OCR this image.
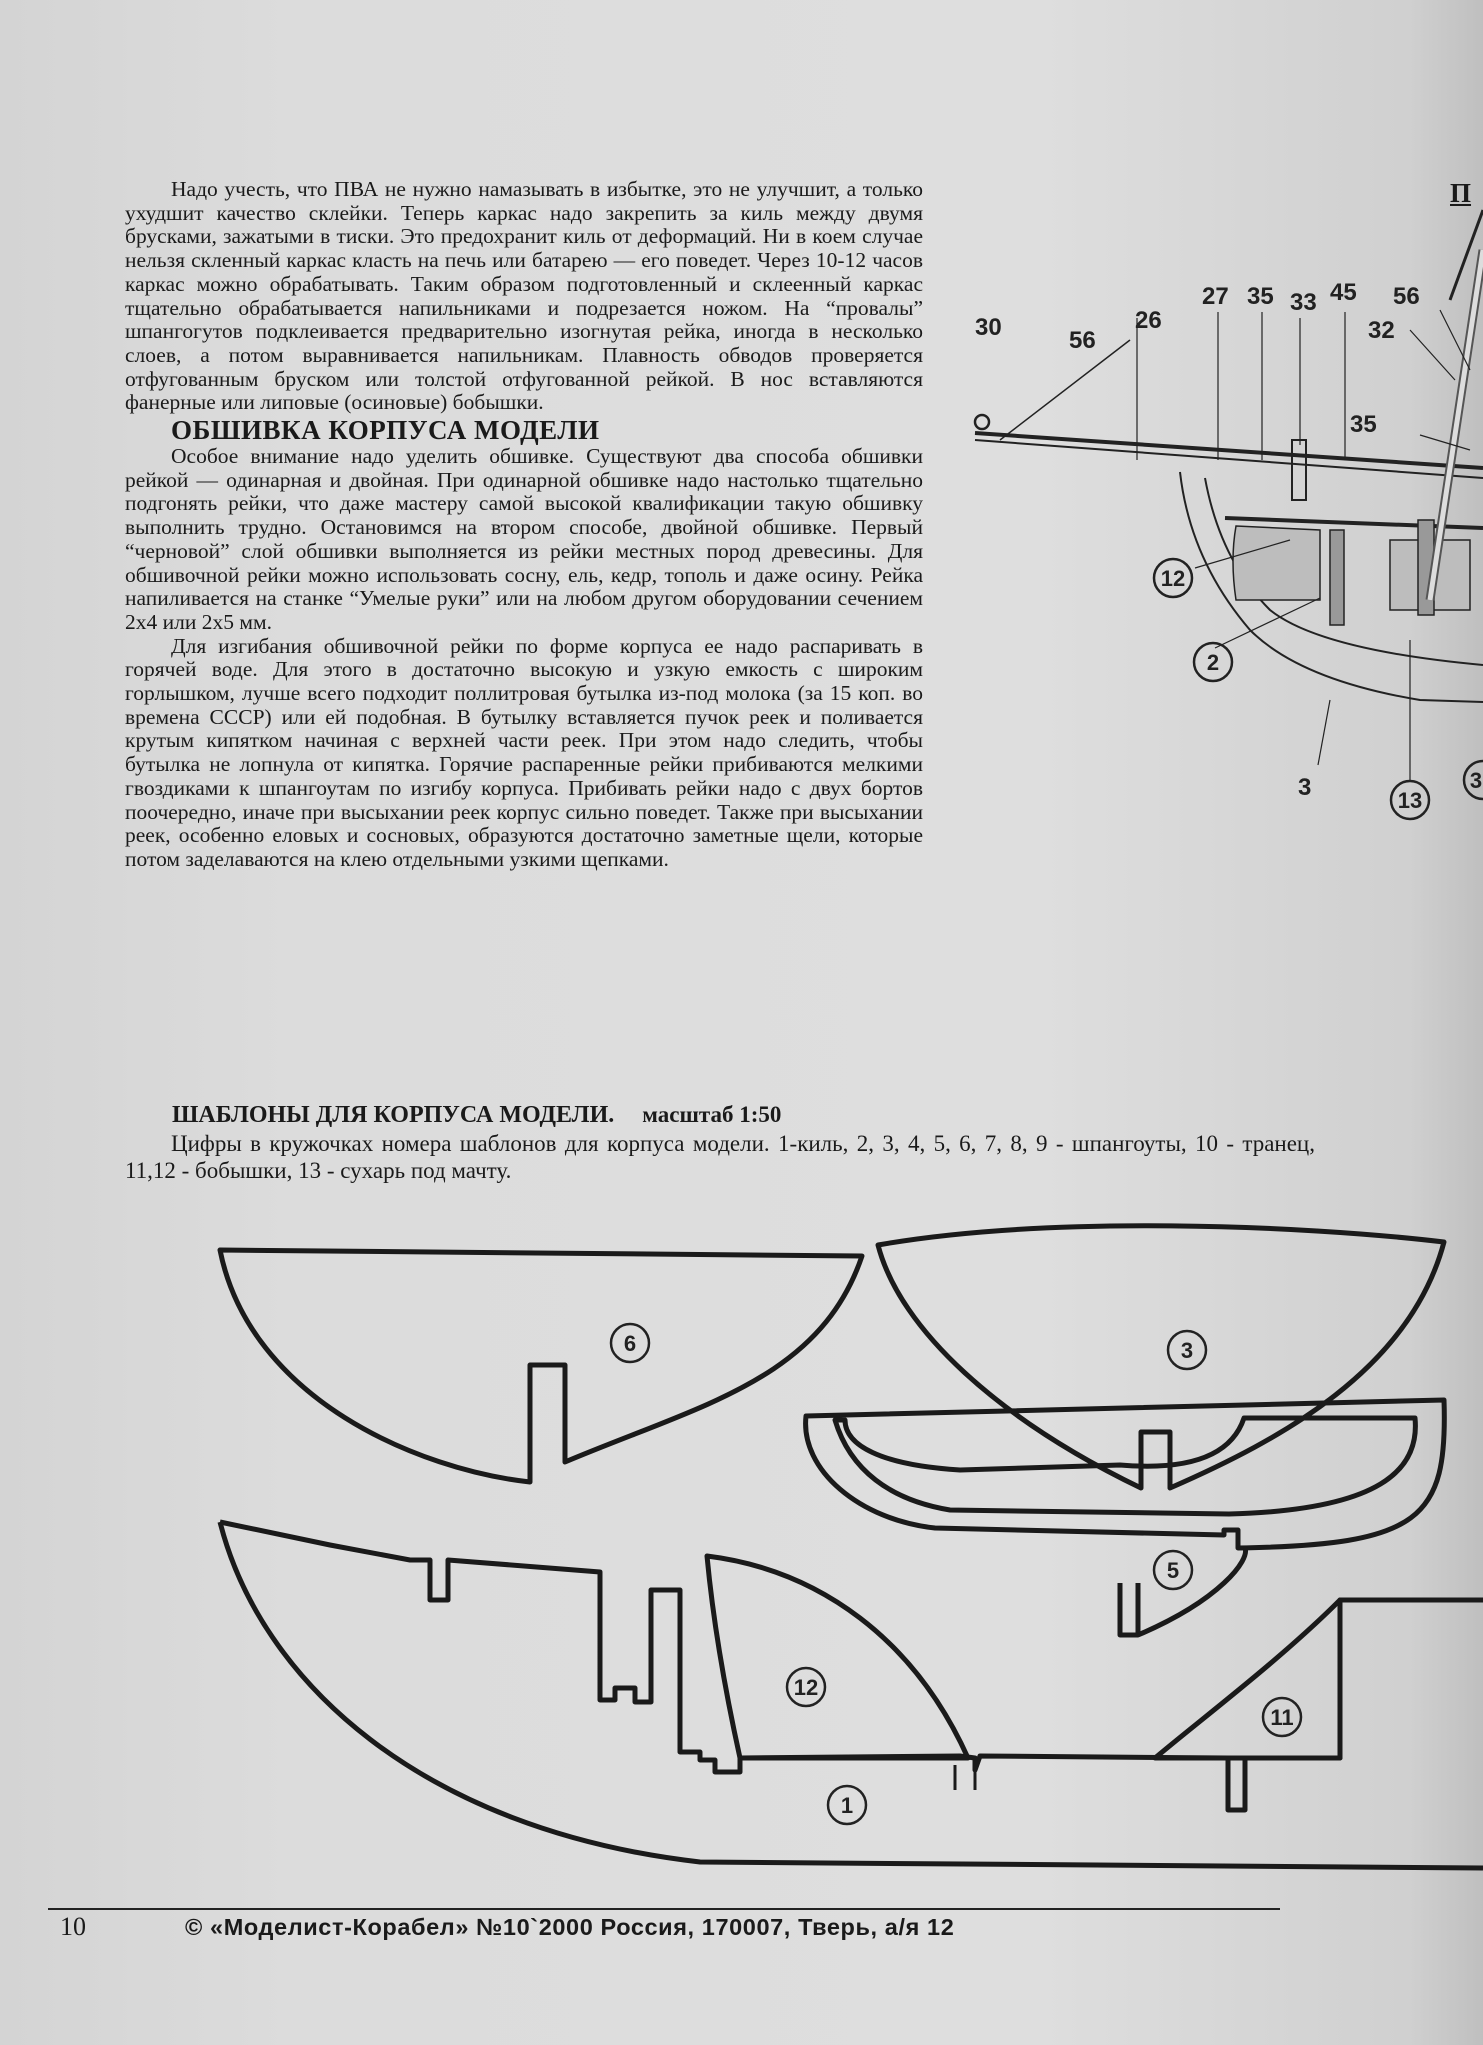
Надо учесть, что ПВА не нужно намазывать в избытке, это не улучшит, а только ухудшит качество склейки. Теперь каркас надо закрепить за киль между двумя брусками, зажатыми в тиски. Это предохранит киль от деформаций. Ни в коем случае нельзя скленный каркас класть на печь или батарею — его поведет. Через 10-12 часов каркас можно обрабатывать. Таким образом подготовленный и склеенный каркас тщательно обрабатывается напильниками и подрезается ножом. На “провалы” шпангогутов подклеивается предварительно изогнутая рейка, иногда в несколько слоев, а потом выравнивается напильникам. Плавность обводов проверяется отфугованным бруском или толстой отфугованной рейкой. В нос вставляются фанерные или липовые (осиновые) бобышки.

ОБШИВКА КОРПУСА МОДЕЛИ

Особое внимание надо уделить обшивке. Существуют два способа обшивки рейкой — одинарная и двойная. При одинарной обшивке надо настолько тщательно подгонять рейки, что даже мастеру самой высокой квалификации такую обшивку выполнить трудно. Остановимся на втором способе, двойной обшивке. Первый “черновой” слой обшивки выполняется из рейки местных пород древесины. Для обшивочной рейки можно использовать сосну, ель, кедр, тополь и даже осину. Рейка напиливается на станке “Умелые руки” или на любом другом оборудовании сечением 2x4 или 2x5 мм.

Для изгибания обшивочной рейки по форме корпуса ее надо распаривать в горячей воде. Для этого в достаточно высокую и узкую емкость с широким горлышком, лучше всего подходит поллитровая бутылка из-под молока (за 15 коп. во времена СССР) или ей подобная. В бутылку вставляется пучок реек и поливается крутым кипятком начиная с верхней части реек. При этом надо следить, чтобы бутылка не лопнула от кипятка. Горячие распаренные рейки прибиваются мелкими гвоздиками к шпангоутам по изгибу корпуса. Прибивать рейки надо с двух бортов поочередно, иначе при высыхании реек корпус сильно поведет. Также при высыхании реек, особенно еловых и сосновых, образуются достаточно заметные щели, которые потом заделаваются на клею отдельными узкими щепками.

П
ШАБЛОНЫ ДЛЯ КОРПУСА МОДЕЛИ. масштаб 1:50
Цифры в кружочках номера шаблонов для корпуса модели. 1-киль, 2, 3, 4, 5, 6, 7, 8, 9 - шпангоуты, 10 - транец, 11,12 - бобышки, 13 - сухарь под мачту.
30	56
26
27 35 33 45 56
32
35
3
12
2
13
3
6	3
5
12
11
1
10	© «Моделист-Корабел» №10`2000 Россия, 170007, Тверь, а/я 12
